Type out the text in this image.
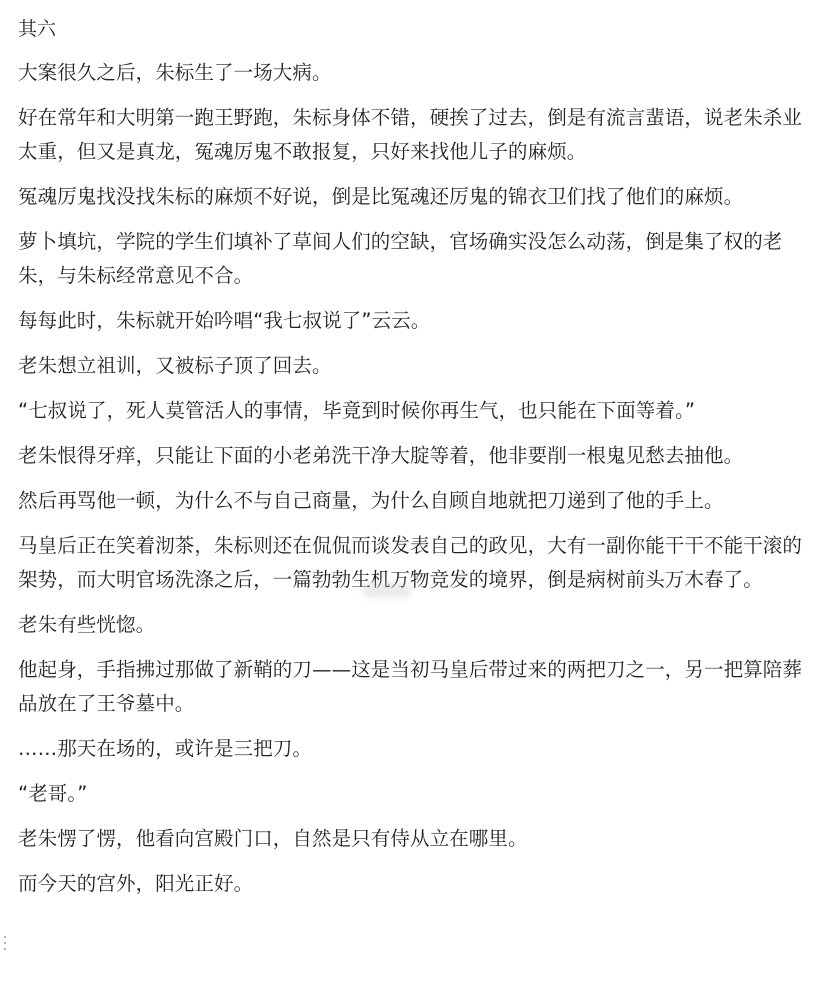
其六

大案很久之后，朱标生了一场大病。

好在常年和大明第一跑王野跑，朱标身体不错，硬挨了过去，倒是有流言蜚语，说老朱杀业太重，但又是真龙，冤魂厉鬼不敢报复，只好来找他儿子的麻烦。

冤魂厉鬼找没找朱标的麻烦不好说，倒是比冤魂还厉鬼的锦衣卫们找了他们的麻烦。

萝卜填坑，学院的学生们填补了草间人们的空缺，官场确实没怎么动荡，倒是集了权的老朱，与朱标经常意见不合。

每每此时，朱标就开始吟唱“我七叔说了”云云。

老朱想立祖训，又被标子顶了回去。

“七叔说了，死人莫管活人的事情，毕竟到时候你再生气，也只能在下面等着。”

老朱恨得牙痒，只能让下面的小老弟洗干净大腚等着，他非要削一根鬼见愁去抽他。

然后再骂他一顿，为什么不与自己商量，为什么自顾自地就把刀递到了他的手上。

马皇后正在笑着沏茶，朱标则还在侃侃而谈发表自己的政见，大有一副你能干干不能干滚的架势，而大明官场洗涤之后，一篇勃勃生机万物竞发的境界，倒是病树前头万木春了。

老朱有些恍惚。

他起身，手指拂过那做了新鞘的刀——这是当初马皇后带过来的两把刀之一，另一把算陪葬品放在了王爷墓中。

……那天在场的，或许是三把刀。

“老哥。”

老朱愣了愣，他看向宫殿门口，自然是只有侍从立在哪里。

而今天的宫外，阳光正好。
